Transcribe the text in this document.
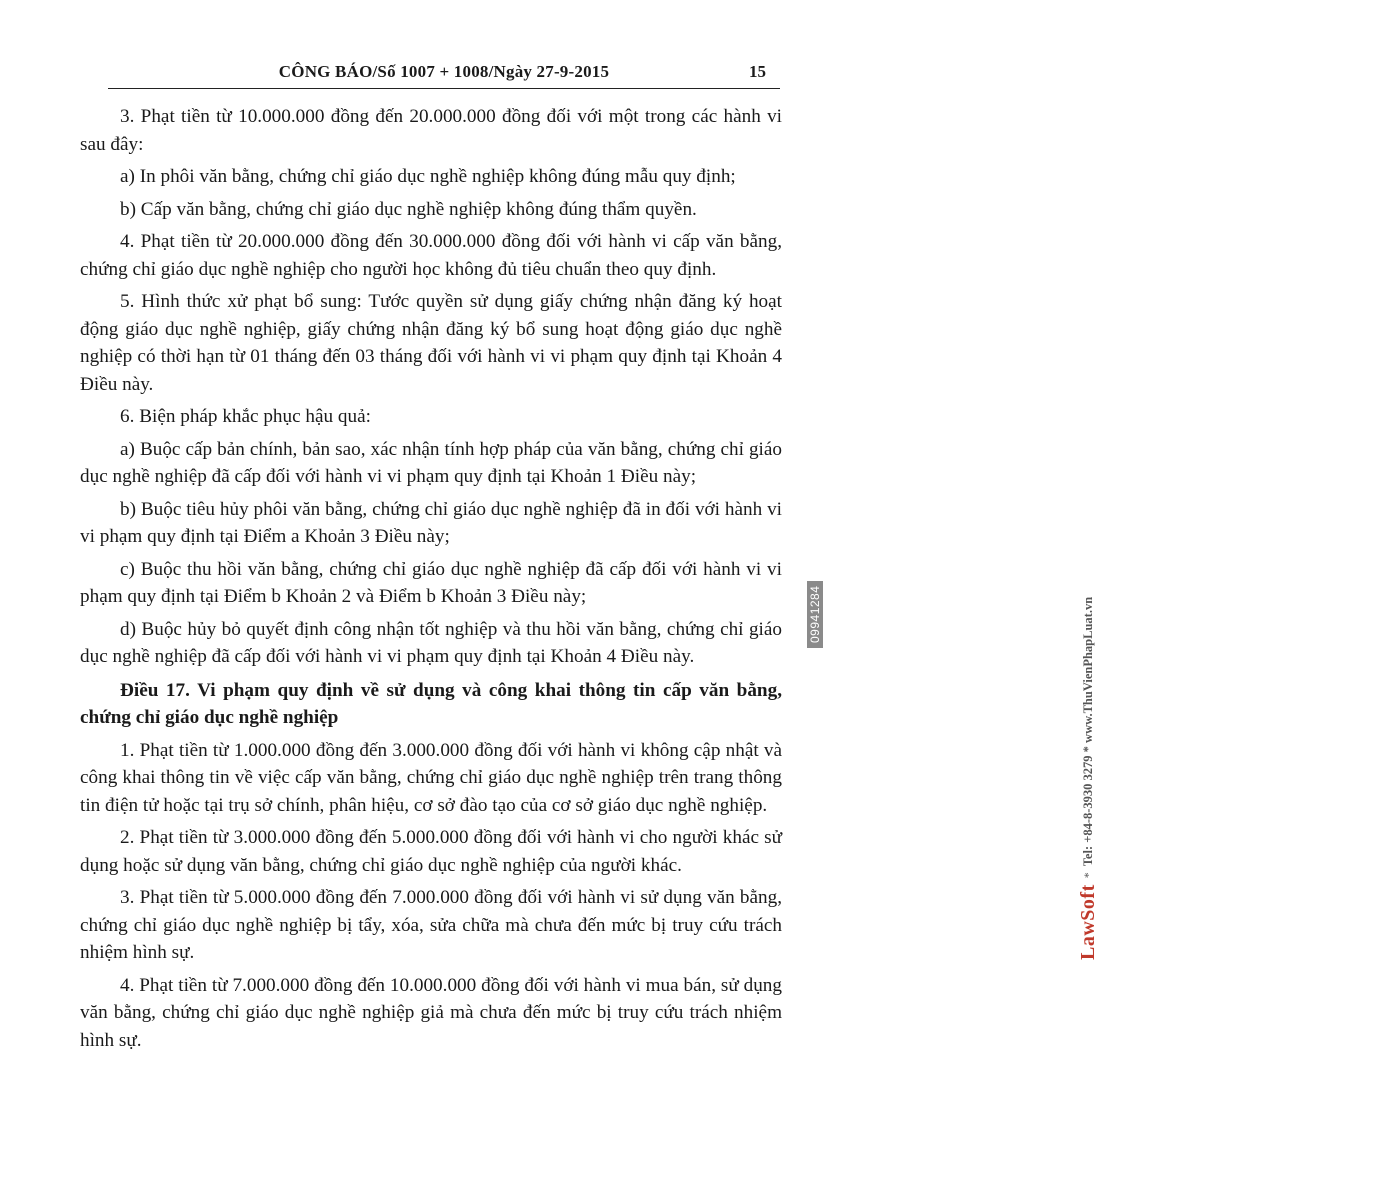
CÔNG BÁO/Số 1007 + 1008/Ngày 27-9-2015	15

3. Phạt tiền từ 10.000.000 đồng đến 20.000.000 đồng đối với một trong các hành vi sau đây:

a) In phôi văn bằng, chứng chỉ giáo dục nghề nghiệp không đúng mẫu quy định;

b) Cấp văn bằng, chứng chỉ giáo dục nghề nghiệp không đúng thẩm quyền.

4. Phạt tiền từ 20.000.000 đồng đến 30.000.000 đồng đối với hành vi cấp văn bằng, chứng chỉ giáo dục nghề nghiệp cho người học không đủ tiêu chuẩn theo quy định.

5. Hình thức xử phạt bổ sung: Tước quyền sử dụng giấy chứng nhận đăng ký hoạt động giáo dục nghề nghiệp, giấy chứng nhận đăng ký bổ sung hoạt động giáo dục nghề nghiệp có thời hạn từ 01 tháng đến 03 tháng đối với hành vi vi phạm quy định tại Khoản 4 Điều này.

6. Biện pháp khắc phục hậu quả:

a) Buộc cấp bản chính, bản sao, xác nhận tính hợp pháp của văn bằng, chứng chỉ giáo dục nghề nghiệp đã cấp đối với hành vi vi phạm quy định tại Khoản 1 Điều này;

b) Buộc tiêu hủy phôi văn bằng, chứng chỉ giáo dục nghề nghiệp đã in đối với hành vi vi phạm quy định tại Điểm a Khoản 3 Điều này;

c) Buộc thu hồi văn bằng, chứng chỉ giáo dục nghề nghiệp đã cấp đối với hành vi vi phạm quy định tại Điểm b Khoản 2 và Điểm b Khoản 3 Điều này;

d) Buộc hủy bỏ quyết định công nhận tốt nghiệp và thu hồi văn bằng, chứng chỉ giáo dục nghề nghiệp đã cấp đối với hành vi vi phạm quy định tại Khoản 4 Điều này.

Điều 17. Vi phạm quy định về sử dụng và công khai thông tin cấp văn bằng, chứng chỉ giáo dục nghề nghiệp

1. Phạt tiền từ 1.000.000 đồng đến 3.000.000 đồng đối với hành vi không cập nhật và công khai thông tin về việc cấp văn bằng, chứng chỉ giáo dục nghề nghiệp trên trang thông tin điện tử hoặc tại trụ sở chính, phân hiệu, cơ sở đào tạo của cơ sở giáo dục nghề nghiệp.

2. Phạt tiền từ 3.000.000 đồng đến 5.000.000 đồng đối với hành vi cho người khác sử dụng hoặc sử dụng văn bằng, chứng chỉ giáo dục nghề nghiệp của người khác.

3. Phạt tiền từ 5.000.000 đồng đến 7.000.000 đồng đối với hành vi sử dụng văn bằng, chứng chỉ giáo dục nghề nghiệp bị tẩy, xóa, sửa chữa mà chưa đến mức bị truy cứu trách nhiệm hình sự.

4. Phạt tiền từ 7.000.000 đồng đến 10.000.000 đồng đối với hành vi mua bán, sử dụng văn bằng, chứng chỉ giáo dục nghề nghiệp giả mà chưa đến mức bị truy cứu trách nhiệm hình sự.

LawSoft
*
Tel: +84-8-3930 3279 * www.ThuVienPhapLuat.vn
09941284
